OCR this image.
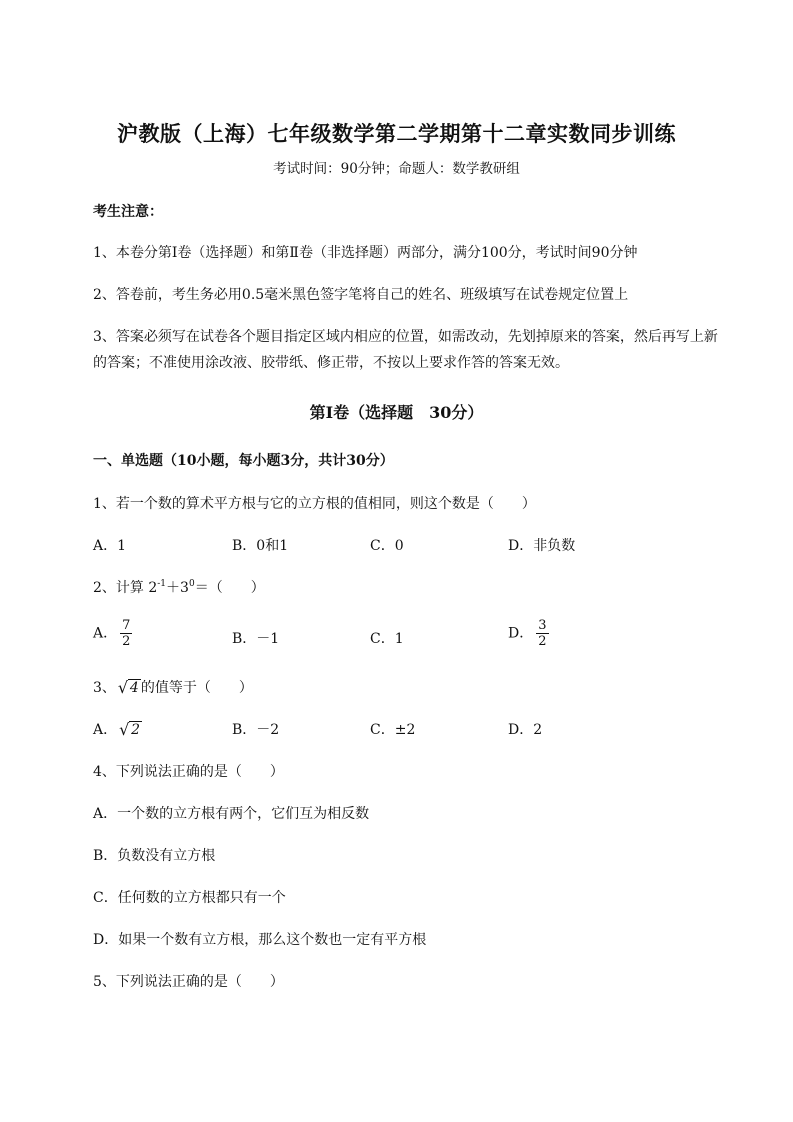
沪教版（上海）七年级数学第二学期第十二章实数同步训练
考试时间：90分钟；命题人：数学教研组
考生注意：
1、本卷分第I卷（选择题）和第Ⅱ卷（非选择题）两部分，满分100分，考试时间90分钟
2、答卷前，考生务必用0.5毫米黑色签字笔将自己的姓名、班级填写在试卷规定位置上
3、答案必须写在试卷各个题目指定区域内相应的位置，如需改动，先划掉原来的答案，然后再写上新
的答案；不准使用涂改液、胶带纸、修正带，不按以上要求作答的答案无效。
第I卷（选择题　30分）
一、单选题（10小题，每小题3分，共计30分）
1、若一个数的算术平方根与它的立方根的值相同，则这个数是（　　）
A．1	B．0和1	C．0	D．非负数
2、计算 $2^{-1}+3^0=$（　　）
A． $\frac{7}{2}$	B．－1	C．1	D． $\frac{3}{2}$
3、 √ 4 的值等于（　　）
A． √ 2	B．－2	C．±2	D．2
4、下列说法正确的是（　　）
A．一个数的立方根有两个，它们互为相反数
B．负数没有立方根
C．任何数的立方根都只有一个
D．如果一个数有立方根，那么这个数也一定有平方根
5、下列说法正确的是（　　）
